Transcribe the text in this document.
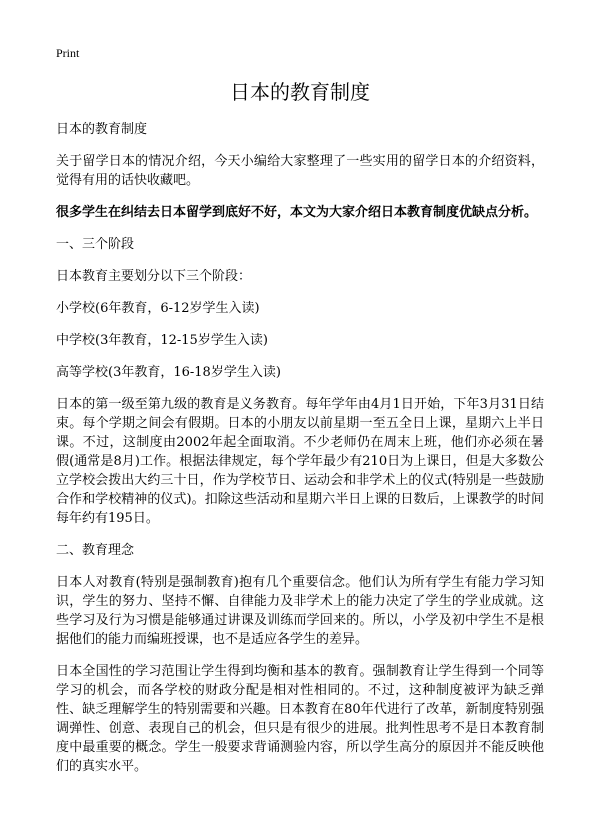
Print
日本的教育制度

日本的教育制度

关于留学日本的情况介绍，今天小编给大家整理了一些实用的留学日本的介绍资料，觉得有用的话快收藏吧。

很多学生在纠结去日本留学到底好不好，本文为大家介绍日本教育制度优缺点分析。

一、三个阶段

日本教育主要划分以下三个阶段：

小学校(6年教育，6-12岁学生入读)

中学校(3年教育，12-15岁学生入读)

高等学校(3年教育，16-18岁学生入读)

日本的第一级至第九级的教育是义务教育。每年学年由4月1日开始，下年3月31日结束。每个学期之间会有假期。日本的小朋友以前星期一至五全日上课，星期六上半日课。不过，这制度由2002年起全面取消。不少老师仍在周末上班，他们亦必须在暑假(通常是8月)工作。根据法律规定，每个学年最少有210日为上课日，但是大多数公立学校会拨出大约三十日，作为学校节日、运动会和非学术上的仪式(特别是一些鼓励合作和学校精神的仪式)。扣除这些活动和星期六半日上课的日数后，上课教学的时间每年约有195日。

二、教育理念

日本人对教育(特别是强制教育)抱有几个重要信念。他们认为所有学生有能力学习知识，学生的努力、坚持不懈、自律能力及非学术上的能力决定了学生的学业成就。这些学习及行为习惯是能够通过讲课及训练而学回来的。所以，小学及初中学生不是根据他们的能力而编班授课，也不是适应各学生的差异。

日本全国性的学习范围让学生得到均衡和基本的教育。强制教育让学生得到一个同等学习的机会，而各学校的财政分配是相对性相同的。不过，这种制度被评为缺乏弹性、缺乏理解学生的特别需要和兴趣。日本教育在80年代进行了改革，新制度特别强调弹性、创意、表现自己的机会，但只是有很少的进展。批判性思考不是日本教育制度中最重要的概念。学生一般要求背诵测验内容，所以学生高分的原因并不能反映他们的真实水平。
